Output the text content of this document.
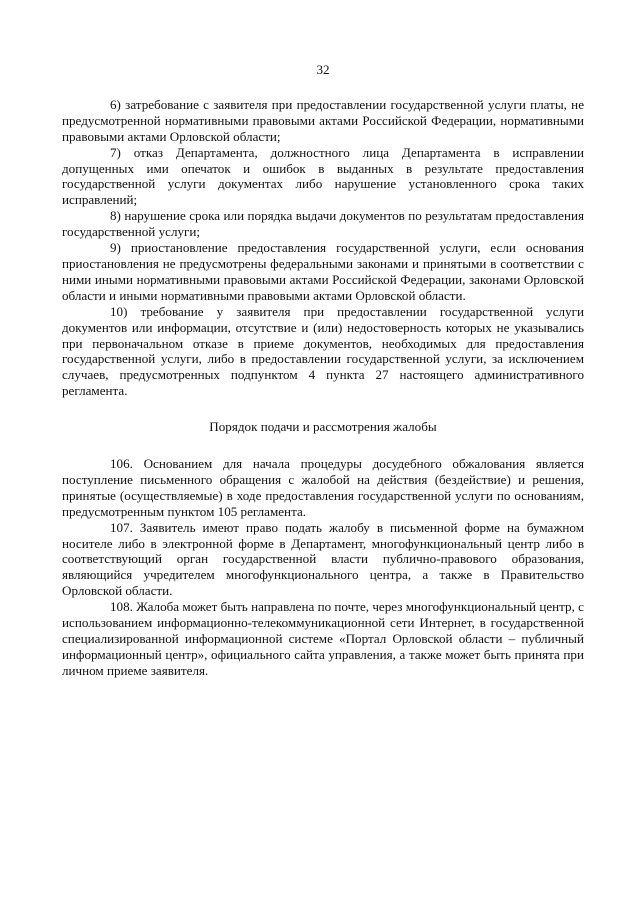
32

6) затребование с заявителя при предоставлении государственной услуги платы, не предусмотренной нормативными правовыми актами Российской Федерации, нормативными правовыми актами Орловской области;

7) отказ Департамента, должностного лица Департамента в исправлении допущенных ими опечаток и ошибок в выданных в результате предоставления государственной услуги документах либо нарушение установленного срока таких исправлений;

8) нарушение срока или порядка выдачи документов по результатам предоставления государственной услуги;

9) приостановление предоставления государственной услуги, если основания приостановления не предусмотрены федеральными законами и принятыми в соответствии с ними иными нормативными правовыми актами Российской Федерации, законами Орловской области и иными нормативными правовыми актами Орловской области.

10) требование у заявителя при предоставлении государственной услуги документов или информации, отсутствие и (или) недостоверность которых не указывались при первоначальном отказе в приеме документов, необходимых для предоставления государственной услуги, либо в предоставлении государственной услуги, за исключением случаев, предусмотренных подпунктом 4 пункта 27 настоящего административного регламента.

Порядок подачи и рассмотрения жалобы

106. Основанием для начала процедуры досудебного обжалования является поступление письменного обращения с жалобой на действия (бездействие) и решения, принятые (осуществляемые) в ходе предоставления государственной услуги по основаниям, предусмотренным пунктом 105 регламента.

107. Заявитель имеют право подать жалобу в письменной форме на бумажном носителе либо в электронной форме в Департамент, многофункциональный центр либо в соответствующий орган государственной власти публично-правового образования, являющийся учредителем многофункционального центра, а также в Правительство Орловской области.

108. Жалоба может быть направлена по почте, через многофункциональный центр, с использованием информационно-телекоммуникационной сети Интернет, в государственной специализированной информационной системе «Портал Орловской области – публичный информационный центр», официального сайта управления, а также может быть принята при личном приеме заявителя.
